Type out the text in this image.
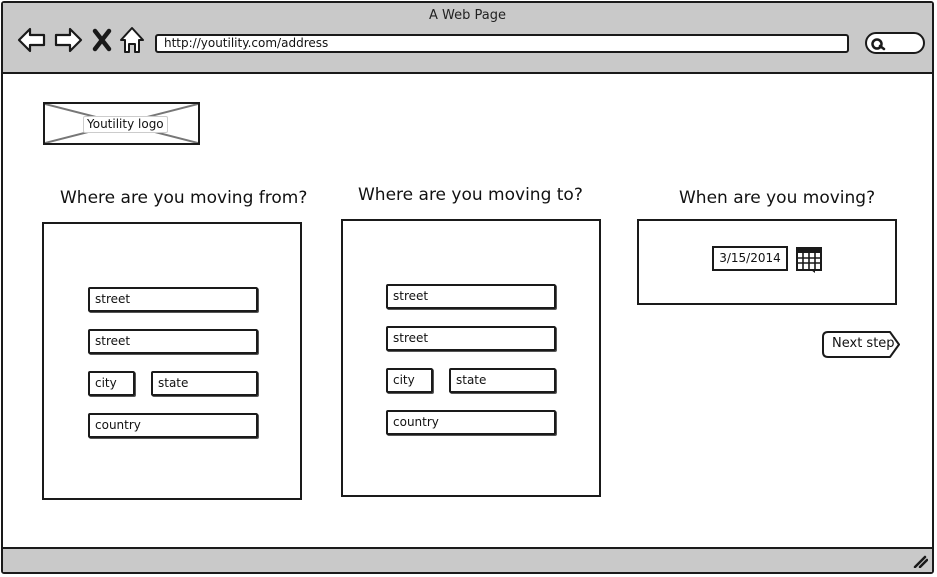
A Web Page
http://youtility.com/address
Youtility logo
Where are you moving from?
street
street
city	state
country
Where are you moving to?
street
street
city	state
country
When are you moving?
3/15/2014
Next step
